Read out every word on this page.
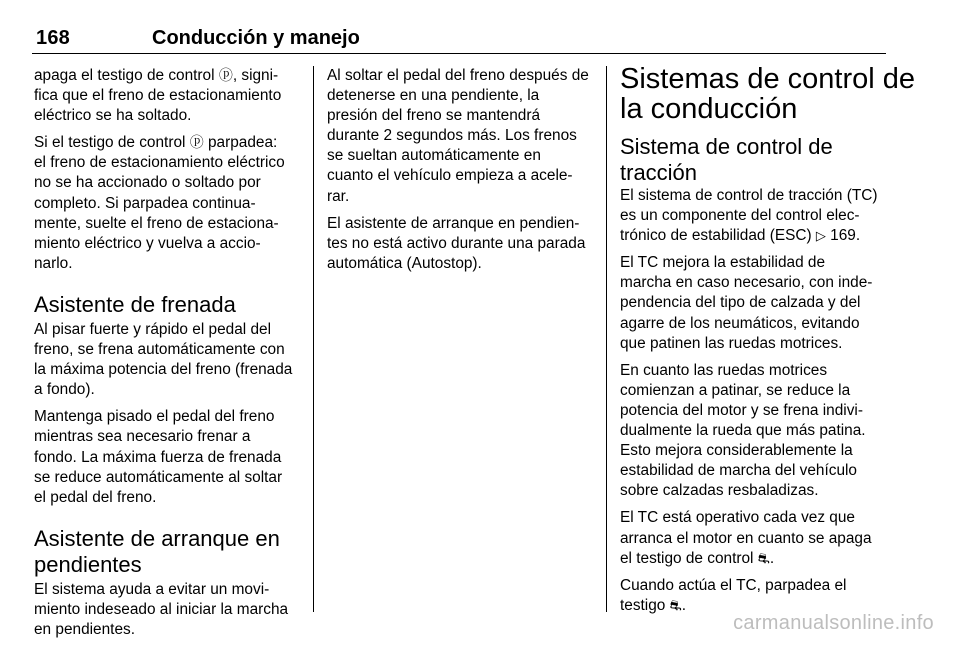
168	Conducción y manejo

apaga el testigo de control ⓟ, signi-
fica que el freno de estacionamiento
eléctrico se ha soltado.

Si el testigo de control ⓟ parpadea:
el freno de estacionamiento eléctrico
no se ha accionado o soltado por
completo. Si parpadea continua-
mente, suelte el freno de estaciona-
miento eléctrico y vuelva a accio-
narlo.

Asistente de frenada

Al pisar fuerte y rápido el pedal del
freno, se frena automáticamente con
la máxima potencia del freno (frenada
a fondo).

Mantenga pisado el pedal del freno
mientras sea necesario frenar a
fondo. La máxima fuerza de frenada
se reduce automáticamente al soltar
el pedal del freno.

Asistente de arranque en
pendientes

El sistema ayuda a evitar un movi-
miento indeseado al iniciar la marcha
en pendientes.

Al soltar el pedal del freno después de
detenerse en una pendiente, la
presión del freno se mantendrá
durante 2 segundos más. Los frenos
se sueltan automáticamente en
cuanto el vehículo empieza a acele-
rar.

El asistente de arranque en pendien-
tes no está activo durante una parada
automática (Autostop).

Sistemas de control de
la conducción
Sistema de control de
tracción

El sistema de control de tracción (TC)
es un componente del control elec-
trónico de estabilidad (ESC) ▷ 169.

El TC mejora la estabilidad de
marcha en caso necesario, con inde-
pendencia del tipo de calzada y del
agarre de los neumáticos, evitando
que patinen las ruedas motrices.

En cuanto las ruedas motrices
comienzan a patinar, se reduce la
potencia del motor y se frena indivi-
dualmente la rueda que más patina.
Esto mejora considerablemente la
estabilidad de marcha del vehículo
sobre calzadas resbaladizas.

El TC está operativo cada vez que
arranca el motor en cuanto se apaga
el testigo de control ⛐.

Cuando actúa el TC, parpadea el
testigo ⛐.

carmanualsonline.info
